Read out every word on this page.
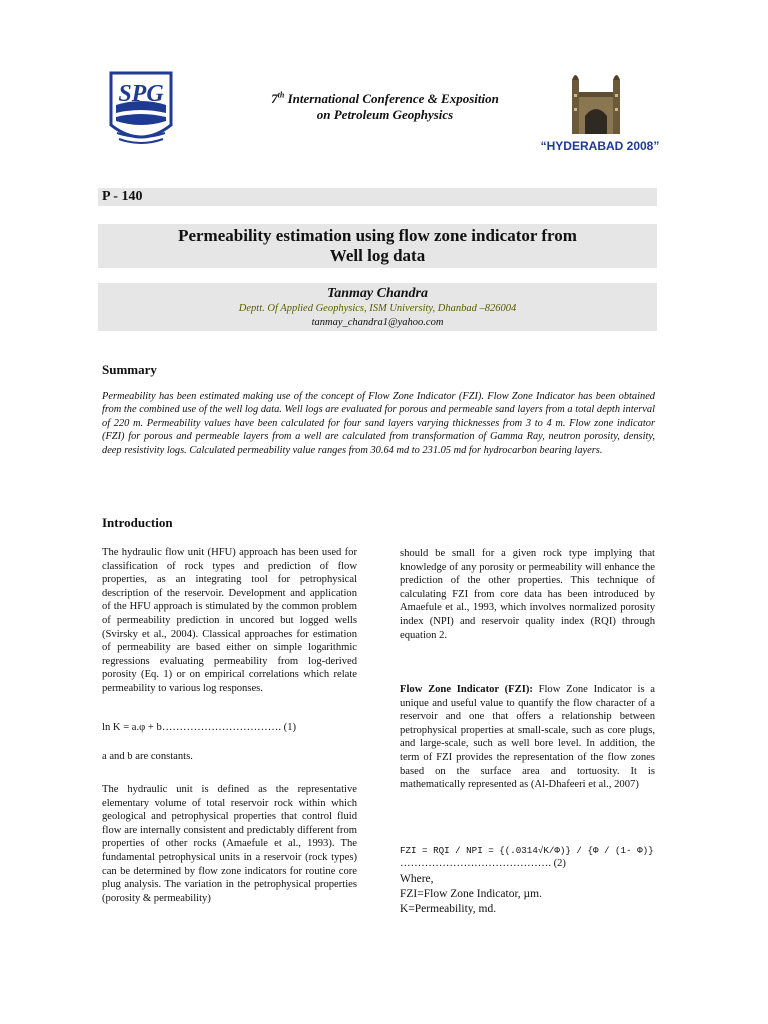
SPG	7th International Conference & Exposition
on Petroleum Geophysics
“HYDERABAD 2008”
P - 140
Permeability estimation using flow zone indicator from
Well log data
Tanmay Chandra
Deptt. Of Applied Geophysics, ISM University, Dhanbad –826004
tanmay_chandra1@yahoo.com
Summary

Permeability has been estimated making use of the concept of Flow Zone Indicator (FZI). Flow Zone Indicator has been obtained from the combined use of the well log data. Well logs are evaluated for porous and permeable sand layers from a total depth interval of 220 m. Permeability values have been calculated for four sand layers varying thicknesses from 3 to 4 m. Flow zone indicator (FZI) for porous and permeable layers from a well are calculated from transformation of Gamma Ray, neutron porosity, density, deep resistivity logs. Calculated permeability value ranges from 30.64 md to 231.05 md for hydrocarbon bearing layers.

Introduction

The hydraulic flow unit (HFU) approach has been used for classification of rock types and prediction of flow properties, as an integrating tool for petrophysical description of the reservoir. Development and application of the HFU approach is stimulated by the common problem of permeability prediction in uncored but logged wells (Svirsky et al., 2004). Classical approaches for estimation of permeability are based either on simple logarithmic regressions evaluating permeability from log-derived porosity (Eq. 1) or on empirical correlations which relate permeability to various log responses.

ln K = a.φ + b……………………………. (1)
a and b are constants.

The hydraulic unit is defined as the representative elementary volume of total reservoir rock within which geological and petrophysical properties that control fluid flow are internally consistent and predictably different from properties of other rocks (Amaefule et al., 1993). The fundamental petrophysical units in a reservoir (rock types) can be determined by flow zone indicators for routine core plug analysis. The variation in the petrophysical properties (porosity & permeability)

should be small for a given rock type implying that knowledge of any porosity or permeability will enhance the prediction of the other properties. This technique of calculating FZI from core data has been introduced by Amaefule et al., 1993, which involves normalized porosity index (NPI) and reservoir quality index (RQI) through equation 2.

Flow Zone Indicator (FZI): Flow Zone Indicator is a unique and useful value to quantify the flow character of a reservoir and one that offers a relationship between petrophysical properties at small-scale, such as core plugs, and large-scale, such as well bore level. In addition, the term of FZI provides the representation of the flow zones based on the surface area and tortuosity. It is mathematically represented as (Al-Dhafeeri et al., 2007)

FZI = RQI / NPI = {(.0314√K/Φ)} / {Φ / (1- Φ)}
……………………………………. (2)
Where,
FZI=Flow Zone Indicator, µm.
K=Permeability, md.
